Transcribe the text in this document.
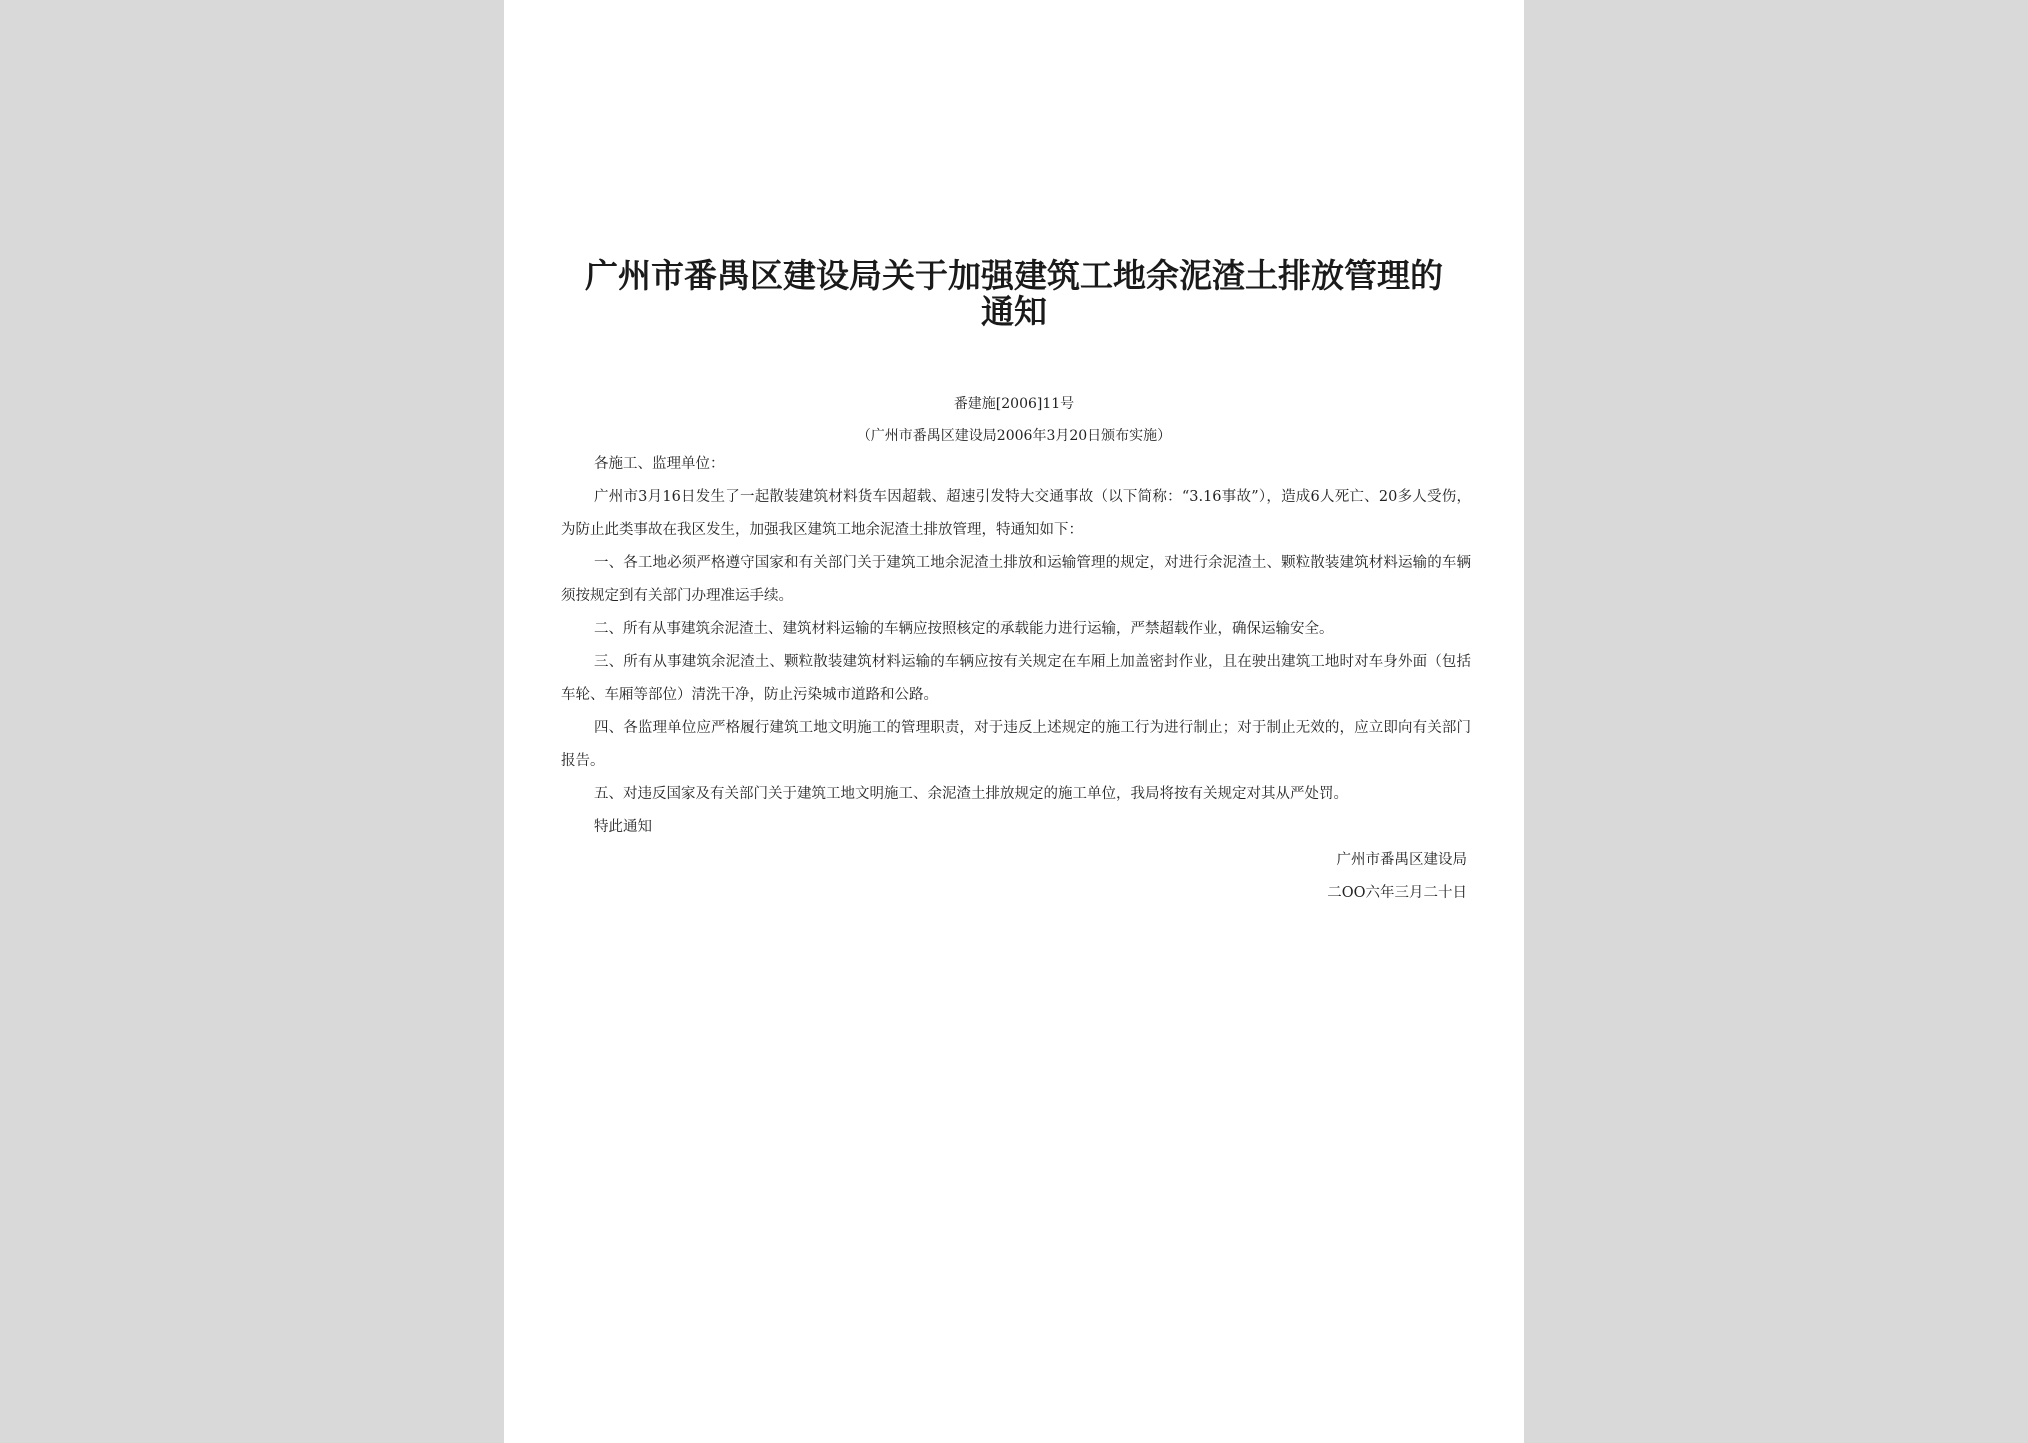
广州市番禺区建设局关于加强建筑工地余泥渣土排放管理的通知
番建施[2006]11号
（广州市番禺区建设局2006年3月20日颁布实施）
各施工、监理单位：

广州市3月16日发生了一起散装建筑材料货车因超载、超速引发特大交通事故（以下简称：“3.16事故”），造成6人死亡、20多人受伤，为防止此类事故在我区发生，加强我区建筑工地余泥渣土排放管理，特通知如下：

一、各工地必须严格遵守国家和有关部门关于建筑工地余泥渣土排放和运输管理的规定，对进行余泥渣土、颗粒散装建筑材料运输的车辆须按规定到有关部门办理准运手续。

二、所有从事建筑余泥渣土、建筑材料运输的车辆应按照核定的承载能力进行运输，严禁超载作业，确保运输安全。

三、所有从事建筑余泥渣土、颗粒散装建筑材料运输的车辆应按有关规定在车厢上加盖密封作业，且在驶出建筑工地时对车身外面（包括车轮、车厢等部位）清洗干净，防止污染城市道路和公路。

四、各监理单位应严格履行建筑工地文明施工的管理职责，对于违反上述规定的施工行为进行制止；对于制止无效的，应立即向有关部门报告。

五、对违反国家及有关部门关于建筑工地文明施工、余泥渣土排放规定的施工单位，我局将按有关规定对其从严处罚。

特此通知
广州市番禺区建设局
二OO六年三月二十日
